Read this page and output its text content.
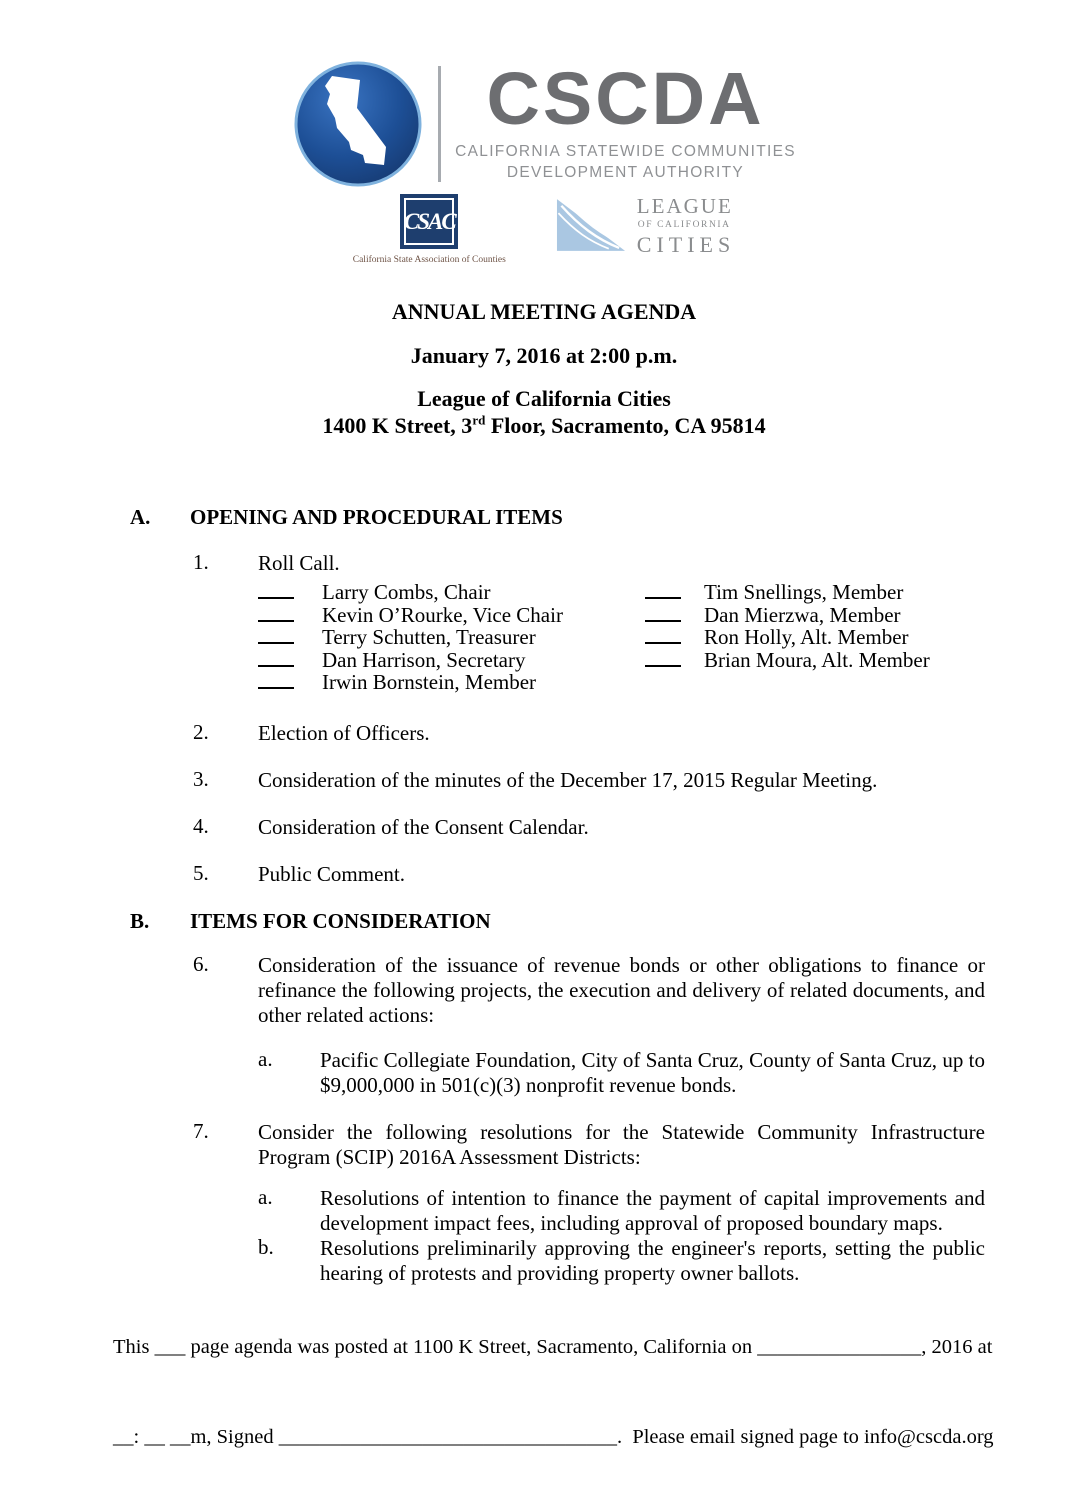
CSCDA
CALIFORNIA STATEWIDE COMMUNITIES
DEVELOPMENT AUTHORITY
CSAC
California State Association of Counties
LEAGUE
OF CALIFORNIA
CITIES
ANNUAL MEETING AGENDA
January 7, 2016 at 2:00 p.m.
League of California Cities
1400 K Street, 3rd Floor, Sacramento, CA 95814
A.	OPENING AND PROCEDURAL ITEMS
1.	Roll Call.
Larry Combs, Chair
Kevin O’Rourke, Vice Chair
Terry Schutten, Treasurer
Dan Harrison, Secretary
Irwin Bornstein, Member
Tim Snellings, Member
Dan Mierzwa, Member
Ron Holly, Alt. Member
Brian Moura, Alt. Member
2.	Election of Officers.
3.	Consideration of the minutes of the December 17, 2015 Regular Meeting.
4.	Consideration of the Consent Calendar.
5.	Public Comment.
B.	ITEMS FOR CONSIDERATION
6.	Consideration of the issuance of revenue bonds or other obligations to finance or refinance the following projects, the execution and delivery of related documents, and other related actions:
a.	Pacific Collegiate Foundation, City of Santa Cruz, County of Santa Cruz, up to $9,000,000 in 501(c)(3) nonprofit revenue bonds.
7.	Consider the following resolutions for the Statewide Community Infrastructure Program (SCIP) 2016A Assessment Districts:
a.	Resolutions of intention to finance the payment of capital improvements and development impact fees, including approval of proposed boundary maps.
b.	Resolutions preliminarily approving the engineer's reports, setting the public hearing of protests and providing property owner ballots.

This ___ page agenda was posted at 1100 K Street, Sacramento, California on ________________, 2016 at

__: __ __m, Signed _________________________________.  Please email signed page to info@cscda.org
